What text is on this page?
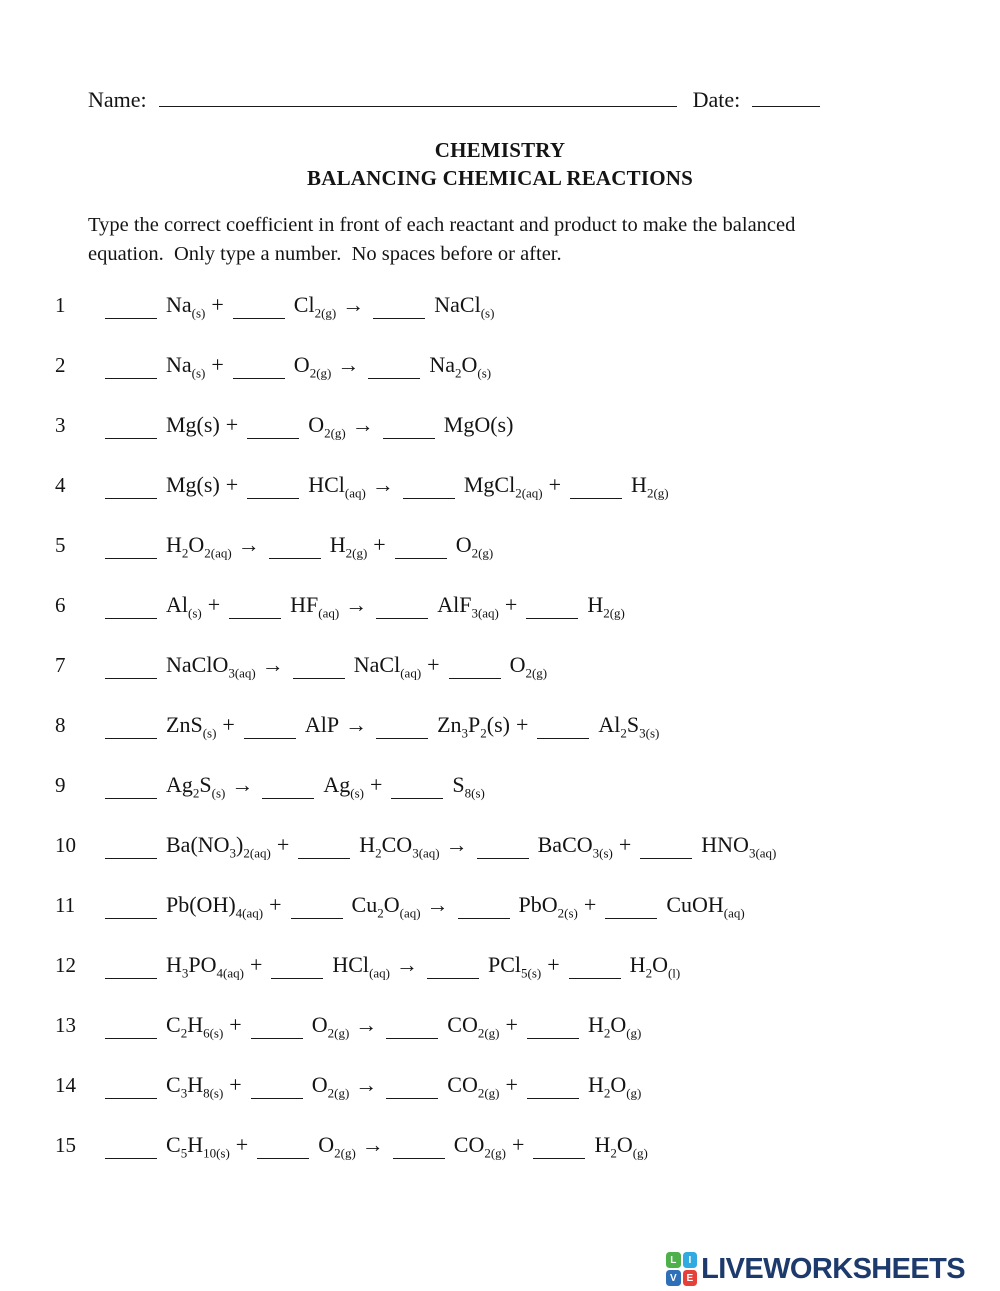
Name:	Date:
CHEMISTRY
BALANCING CHEMICAL REACTIONS
Type the correct coefficient in front of each reactant and product to make the balanced
equation.  Only type a number.  No spaces before or after.
1	$Na_{(s)}$ +	$Cl_{2(g)}$ →	NaCl$_{(s)}$
2	$Na_{(s)}$ +	$O_{2(g)}$ →	$Na_2O_{(s)}$
3	Mg(s) +	$O_{2(g)}$ →	MgO(s)
4	Mg(s) +	HCl$_{(aq)}$ →	MgCl$_{2(aq)}$ +	$H_{2(g)}$
5	$H_2O_{2(aq)}$ →	$H_{2(g)}$ +	$O_{2(g)}$
6	$Al_{(s)}$ +	$HF_{(aq)}$ →	AlF$_{3(aq)}$ +	$H_{2(g)}$
7	NaClO$_{3(aq)}$ →	NaCl$_{(aq)}$ +	$O_{2(g)}$
8	ZnS$_{(s)}$ +	AlP →	$Zn_3P_2(s)$ +	$Al_2S_{3(s)}$
9	$Ag_2S_{(s)}$ →	$Ag_{(s)}$ +	$S_{8(s)}$
10	$Ba(NO_3)_{2(aq)}$ +	$H_2CO_{3(aq)}$ →	BaCO$_{3(s)}$ +	$HNO_{3(aq)}$
11	$Pb(OH)_{4(aq)}$ +	$Cu_2O_{(aq)}$ →	PbO$_{2(s)}$ +	CuOH$_{(aq)}$
12	$H_3PO_{4(aq)}$ +	HCl$_{(aq)}$ →	PCl$_{5(s)}$ +	$H_2O_{(l)}$
13	$C_2H_{6(s)}$ +	$O_{2(g)}$ →	$CO_{2(g)}$ +	$H_2O_{(g)}$
14	$C_3H_{8(s)}$ +	$O_{2(g)}$ →	$CO_{2(g)}$ +	$H_2O_{(g)}$
15	$C_5H_{10(s)}$ +	$O_{2(g)}$ →	$CO_{2(g)}$ +	$H_2O_{(g)}$
L	I
V E LIVEWORKSHEETS
